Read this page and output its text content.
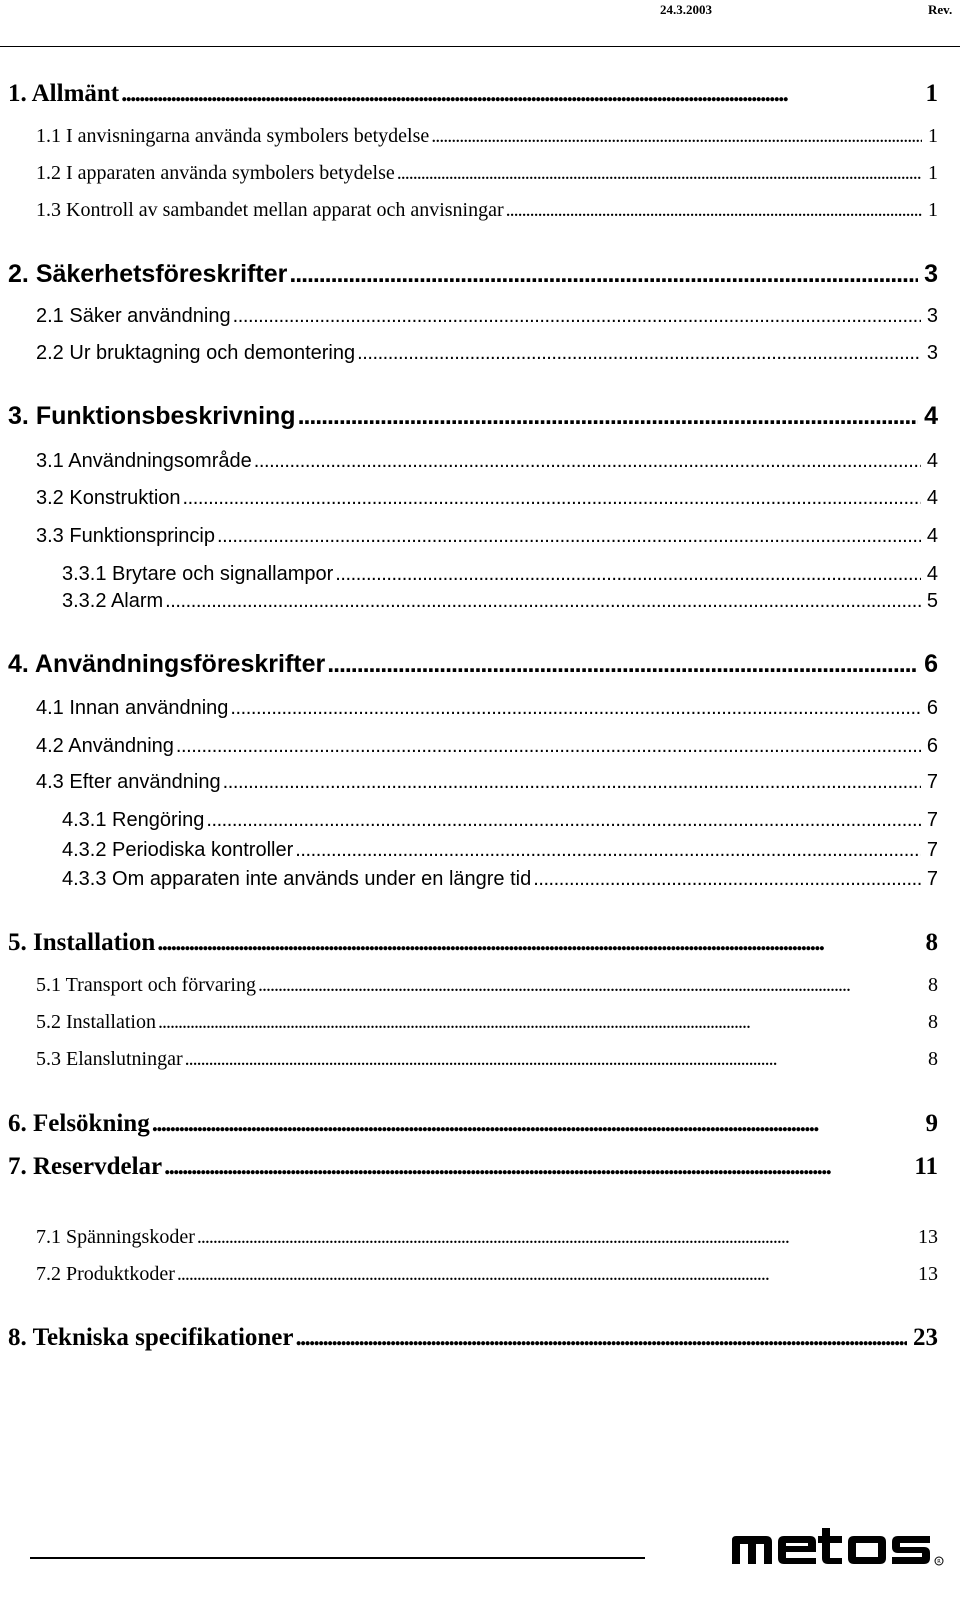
24.3.2003	Rev.
1. Allmänt . . .	1
1.1 I anvisningarna använda symbolers betydelse . . .	1
1.2 I apparaten använda symbolers betydelse . . .	1
1.3 Kontroll av sambandet mellan apparat och anvisningar . . .	1
2. Säkerhetsföreskrifter . . .	3
2.1 Säker användning . . .	3
2.2 Ur bruktagning och demontering . . .	3
3. Funktionsbeskrivning . . .	4
3.1 Användningsområde . . .	4
3.2 Konstruktion . . .	4
3.3 Funktionsprincip . . .	4
3.3.1 Brytare och signallampor . . .	4
3.3.2 Alarm . . .	5
4. Användningsföreskrifter . . .	6
4.1 Innan användning . . .	6
4.2 Användning . . .	6
4.3 Efter användning . . .	7
4.3.1 Rengöring . . .	7
4.3.2 Periodiska kontroller . . .	7
4.3.3 Om apparaten inte används under en längre tid . . .	7
5. Installation . . .	8
5.1 Transport och förvaring . . .	8
5.2 Installation . . .	8
5.3 Elanslutningar . . .	8
6. Felsökning . . .	9
7. Reservdelar . . .	11
7.1 Spänningskoder . . .	13
7.2 Produktkoder . . .	13
8. Tekniska specifikationer . . .	23
R
